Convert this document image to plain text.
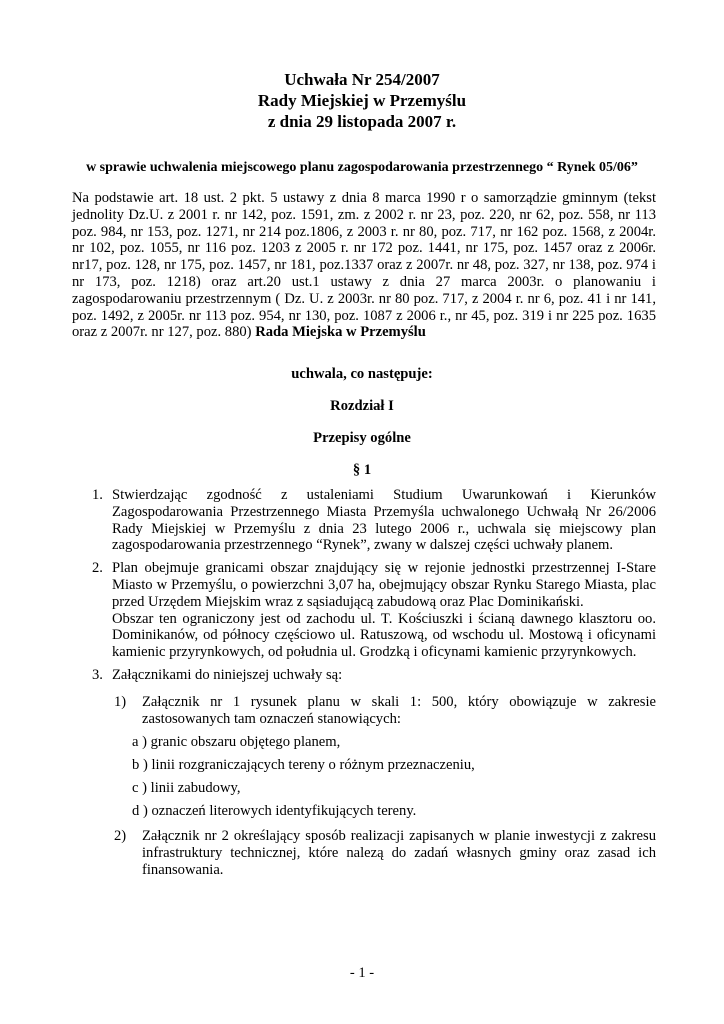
Uchwała Nr 254/2007
Rady Miejskiej w Przemyślu
z dnia 29 listopada 2007 r.
w sprawie uchwalenia miejscowego planu zagospodarowania przestrzennego “ Rynek 05/06”
Na podstawie art. 18 ust. 2 pkt. 5 ustawy z dnia 8 marca 1990 r o samorządzie gminnym (tekst jednolity Dz.U. z 2001 r. nr 142, poz. 1591, zm. z 2002 r. nr 23, poz. 220, nr 62, poz. 558, nr 113 poz. 984, nr 153, poz. 1271, nr 214 poz.1806, z 2003 r. nr 80, poz. 717, nr 162 poz. 1568, z 2004r. nr 102, poz. 1055, nr 116 poz. 1203 z 2005 r. nr 172 poz. 1441, nr 175, poz. 1457 oraz z 2006r. nr17, poz. 128, nr 175, poz. 1457, nr 181, poz.1337 oraz z 2007r. nr 48, poz. 327, nr 138, poz. 974 i nr 173, poz. 1218) oraz art.20 ust.1 ustawy z dnia 27 marca 2003r. o planowaniu i zagospodarowaniu przestrzennym ( Dz. U. z 2003r. nr 80 poz. 717, z 2004 r. nr 6, poz. 41 i nr 141, poz. 1492, z 2005r. nr 113 poz. 954, nr 130, poz. 1087 z 2006 r., nr 45, poz. 319 i nr 225 poz. 1635 oraz z 2007r. nr 127, poz. 880) Rada Miejska w Przemyślu
uchwala, co następuje:
Rozdział I
Przepisy ogólne
§ 1
1. Stwierdzając zgodność z ustaleniami Studium Uwarunkowań i Kierunków Zagospodarowania Przestrzennego Miasta Przemyśla uchwalonego Uchwałą Nr 26/2006 Rady Miejskiej w Przemyślu z dnia 23 lutego 2006 r., uchwala się miejscowy plan zagospodarowania przestrzennego “Rynek”, zwany w dalszej części uchwały planem.
2. Plan obejmuje granicami obszar znajdujący się w rejonie jednostki przestrzennej I-Stare Miasto w Przemyślu, o powierzchni 3,07 ha, obejmujący obszar Rynku Starego Miasta, plac przed Urzędem Miejskim wraz z sąsiadującą zabudową oraz Plac Dominikański.
Obszar ten ograniczony jest od zachodu ul. T. Kościuszki i ścianą dawnego klasztoru oo. Dominikanów, od północy częściowo ul. Ratuszową, od wschodu ul. Mostową i oficynami kamienic przyrynkowych, od południa ul. Grodzką i oficynami kamienic przyrynkowych.
3. Załącznikami do niniejszej uchwały są:
1) Załącznik nr 1 rysunek planu w skali 1: 500, który obowiązuje w zakresie zastosowanych tam oznaczeń stanowiących:
a ) granic obszaru objętego planem,
b ) linii rozgraniczających tereny o różnym przeznaczeniu,
c ) linii zabudowy,
d ) oznaczeń literowych identyfikujących tereny.
2) Załącznik nr 2 określający sposób realizacji zapisanych w planie inwestycji z zakresu infrastruktury technicznej, które nalezą do zadań własnych gminy oraz zasad ich finansowania.
- 1 -
